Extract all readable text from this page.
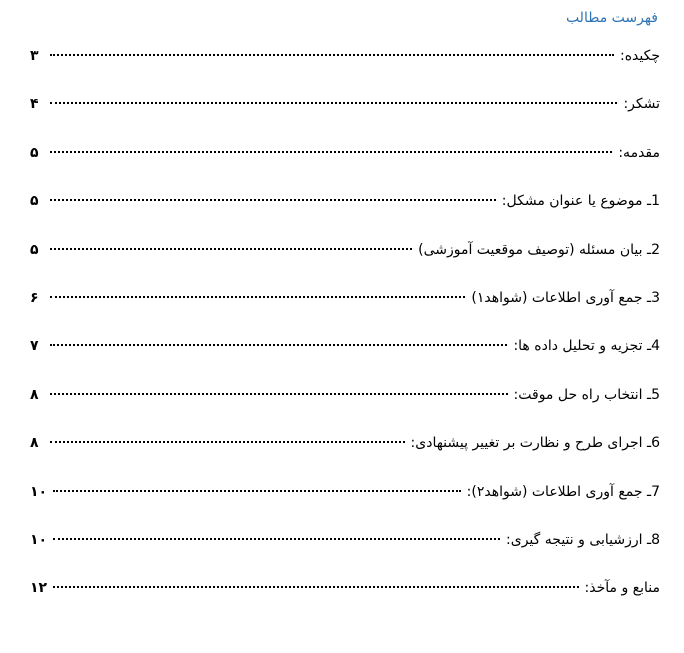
فهرست مطالب
چکیده:
۳
تشکر:
۴
مقدمه:
۵
1ـ موضوع یا عنوان مشکل:
۵
2ـ بیان مسئله (توصیف موقعیت آموزشی)
۵
3ـ جمع آوری اطلاعات (شواهد۱)
۶
4ـ تجزیه و تحلیل داده ها:
۷
5ـ انتخاب راه حل موقت:
۸
6ـ اجرای طرح و نظارت بر تغییر پیشنهادی:
۸
7ـ جمع آوری اطلاعات (شواهد۲):
۱۰
8ـ ارزشیابی و نتیجه گیری:
۱۰
منابع و مآخذ:
۱۲
